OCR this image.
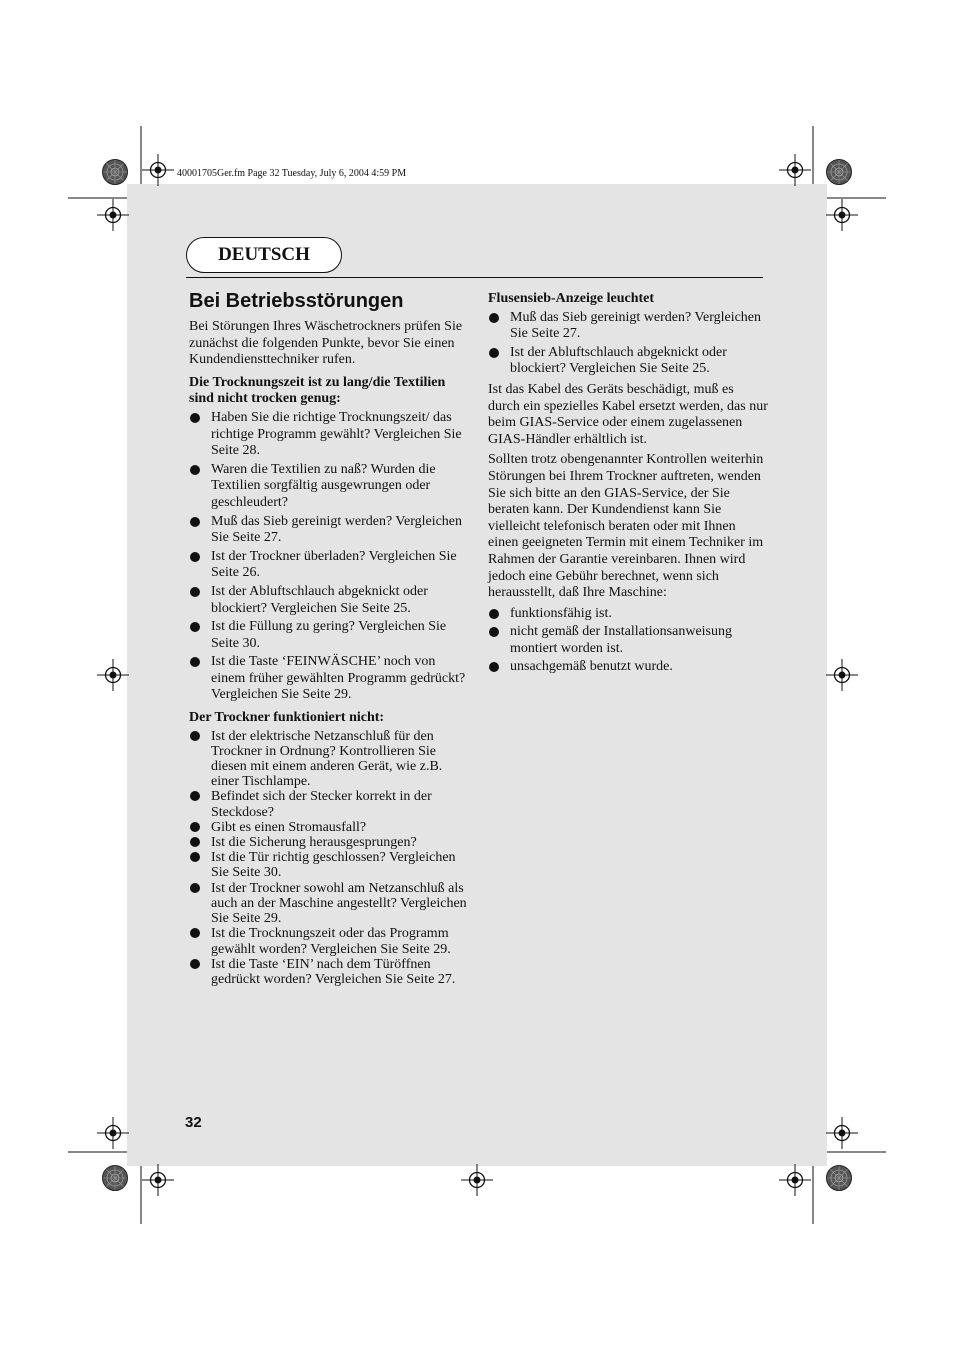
40001705Ger.fm Page 32 Tuesday, July 6, 2004 4:59 PM
DEUTSCH
Bei Betriebsstörungen

Bei Störungen Ihres Wäschetrockners prüfen Sie zunächst die folgenden Punkte, bevor Sie einen Kundendiensttechniker rufen.

Die Trocknungszeit ist zu lang/die Textilien sind nicht trocken genug:
Haben Sie die richtige Trocknungszeit/ das richtige Programm gewählt? Vergleichen Sie Seite 28.
Waren die Textilien zu naß? Wurden die Textilien sorgfältig ausgewrungen oder geschleudert?
Muß das Sieb gereinigt werden? Vergleichen Sie Seite 27.
Ist der Trockner überladen? Vergleichen Sie Seite 26.
Ist der Abluftschlauch abgeknickt oder blockiert? Vergleichen Sie Seite 25.
Ist die Füllung zu gering? Vergleichen Sie Seite 30.
Ist die Taste ‘FEINWÄSCHE’ noch von einem früher gewählten Programm gedrückt? Vergleichen Sie Seite 29.
Der Trockner funktioniert nicht:
Ist der elektrische Netzanschluß für den Trockner in Ordnung? Kontrollieren Sie diesen mit einem anderen Gerät, wie z.B. einer Tischlampe.
Befindet sich der Stecker korrekt in der Steckdose?
Gibt es einen Stromausfall?
Ist die Sicherung herausgesprungen?
Ist die Tür richtig geschlossen? Vergleichen Sie Seite 30.
Ist der Trockner sowohl am Netzanschluß als auch an der Maschine angestellt? Vergleichen Sie Seite 29.
Ist die Trocknungszeit oder das Programm gewählt worden? Vergleichen Sie Seite 29.
Ist die Taste ‘EIN’ nach dem Türöffnen gedrückt worden? Vergleichen Sie Seite 27.
Flusensieb-Anzeige leuchtet
Muß das Sieb gereinigt werden? Vergleichen Sie Seite 27.
Ist der Abluftschlauch abgeknickt oder blockiert? Vergleichen Sie Seite 25.

Ist das Kabel des Geräts beschädigt, muß es durch ein spezielles Kabel ersetzt werden, das nur beim GIAS-Service oder einem zugelassenen GIAS-Händler erhältlich ist.

Sollten trotz obengenannter Kontrollen weiterhin Störungen bei Ihrem Trockner auftreten, wenden Sie sich bitte an den GIAS-Service, der Sie beraten kann. Der Kundendienst kann Sie vielleicht telefonisch beraten oder mit Ihnen einen geeigneten Termin mit einem Techniker im Rahmen der Garantie vereinbaren. Ihnen wird jedoch eine Gebühr berechnet, wenn sich herausstellt, daß Ihre Maschine:

funktionsfähig ist.
nicht gemäß der Installationsanweisung montiert worden ist.
unsachgemäß benutzt wurde.
32
